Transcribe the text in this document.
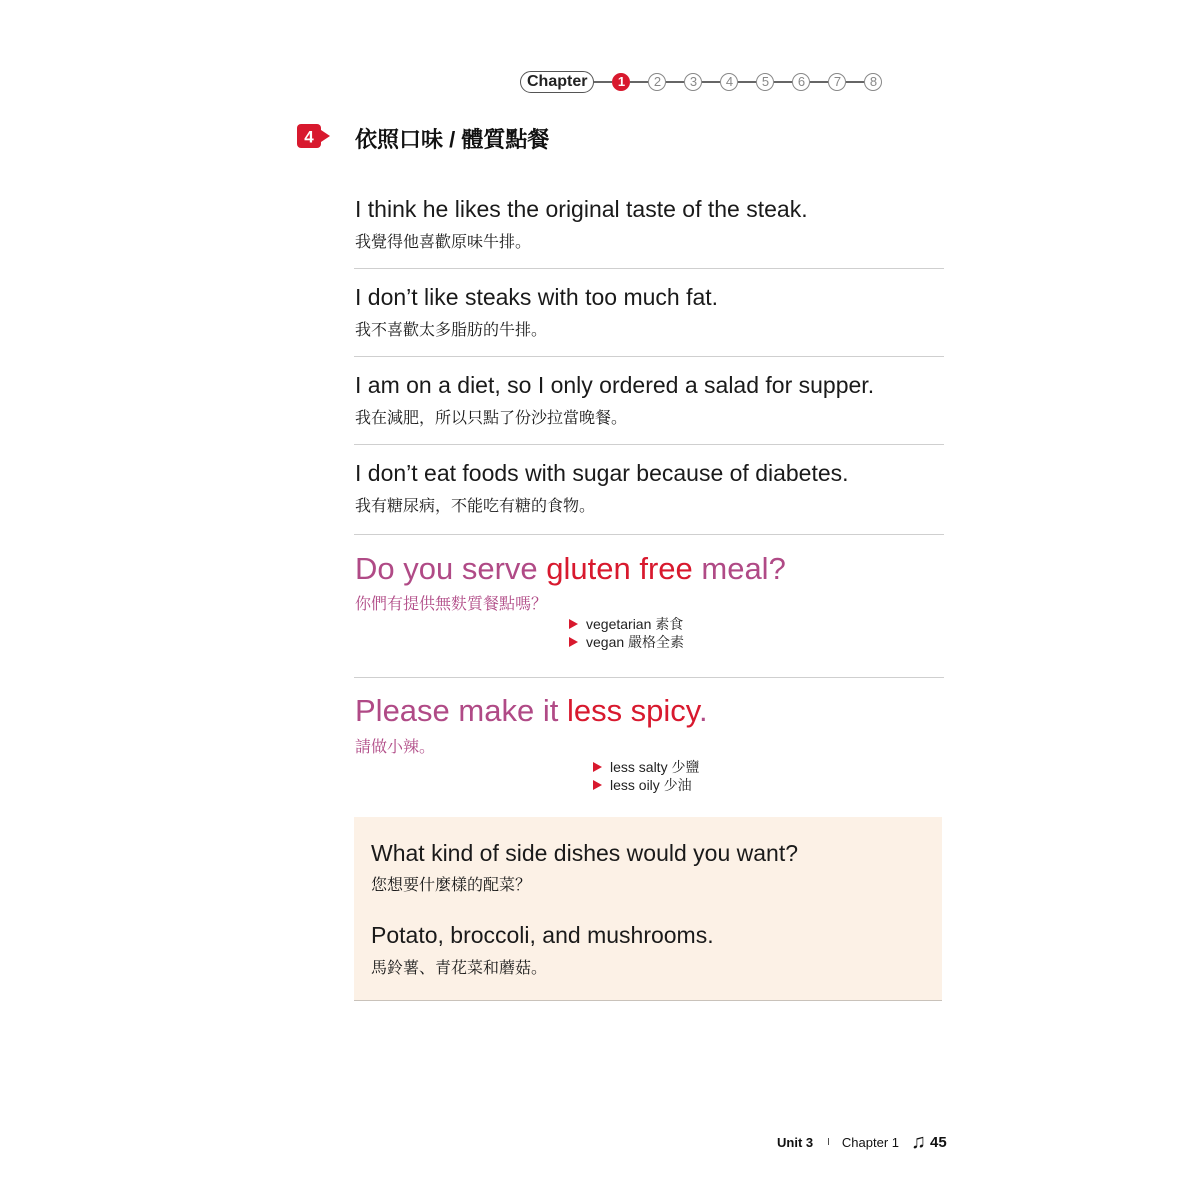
Chapter	1	2	3	4	5	6	7	8
4 依照口味 / 體質點餐
I think he likes the original taste of the steak.
我覺得他喜歡原味牛排。
I don’t like steaks with too much fat.
我不喜歡太多脂肪的牛排。
I am on a diet, so I only ordered a salad for supper.
我在減肥，所以只點了份沙拉當晚餐。
I don’t eat foods with sugar because of diabetes.
我有糖尿病，不能吃有糖的食物。
Do you serve gluten free meal?
你們有提供無麩質餐點嗎？
vegetarian 素食
vegan 嚴格全素
Please make it less spicy.
請做小辣。
less salty 少鹽
less oily 少油
What kind of side dishes would you want?
您想要什麼樣的配菜？
Potato, broccoli, and mushrooms.
馬鈴薯、青花菜和蘑菇。
Unit 3 I Chapter 1 ♫ 45
